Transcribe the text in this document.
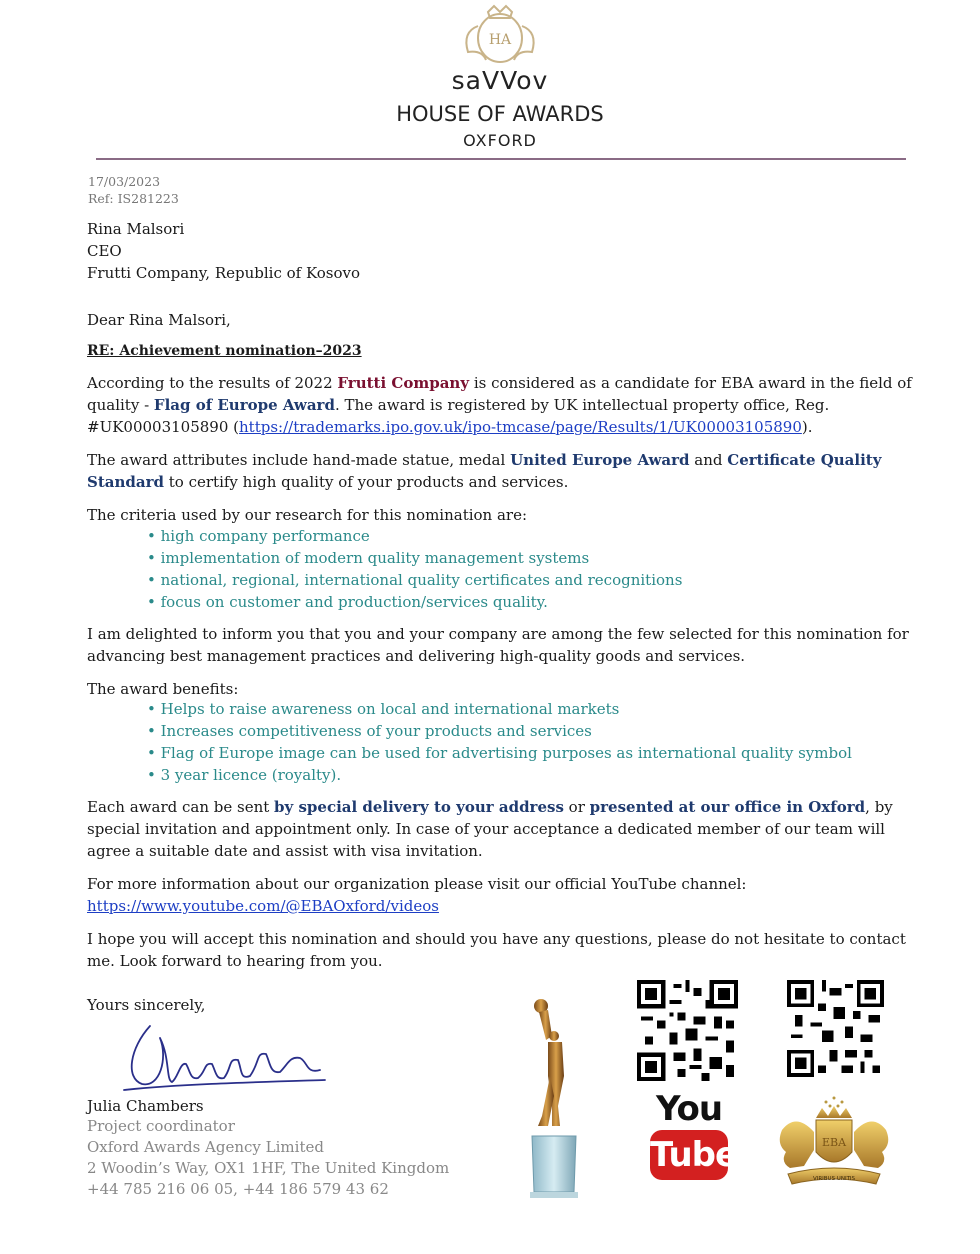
HA
saVVov
HOUSE OF AWARDS
OXFORD
17/03/2023
Ref: IS281223
Rina Malsori
CEO
Frutti Company, Republic of Kosovo
Dear Rina Malsori,
RE: Achievement nomination–2023
According to the results of 2022 Frutti Company is considered as a candidate for EBA award in the field of quality - Flag of Europe Award. The award is registered by UK intellectual property office, Reg. #UK00003105890 (https://trademarks.ipo.gov.uk/ipo-tmcase/page/Results/1/UK00003105890).
The award attributes include hand-made statue, medal United Europe Award and Certificate Quality Standard to certify high quality of your products and services.
The criteria used by our research for this nomination are:
• high company performance
• implementation of modern quality management systems
• national, regional, international quality certificates and recognitions
• focus on customer and production/services quality.
I am delighted to inform you that you and your company are among the few selected for this nomination for advancing best management practices and delivering high-quality goods and services.
The award benefits:
• Helps to raise awareness on local and international markets
• Increases competitiveness of your products and services
• Flag of Europe image can be used for advertising purposes as international quality symbol
• 3 year licence (royalty).
Each award can be sent by special delivery to your address or presented at our office in Oxford, by special invitation and appointment only. In case of your acceptance a dedicated member of our team will agree a suitable date and assist with visa invitation.
For more information about our organization please visit our official YouTube channel:
https://www.youtube.com/@EBAOxford/videos
I hope you will accept this nomination and should you have any questions, please do not hesitate to contact me. Look forward to hearing from you.
Yours sincerely,
Julia Chambers
Project coordinator
Oxford Awards Agency Limited
2 Woodin’s Way, OX1 1HF, The United Kingdom
+44 785 216 06 05, +44 186 579 43 62
You
Tube	EBA
VIRIBUS UNITIS
